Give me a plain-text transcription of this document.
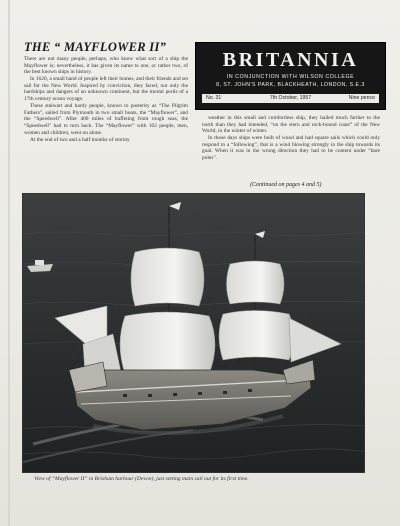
THE “ MAYFLOWER II”

There are not many people, perhaps, who know what sort of a ship the Mayflower is; nevertheless, it has given its name to one, or rather two, of the best known ships in history.

In 1620, a small band of people left their homes, and their friends and set sail for the New World. Inspired by conviction, they faced, not only the hardships and dangers of an unknown continent, but the mortal perils of a 17th century ocean voyage.

These stalwart and hardy people, known to posterity as “The Pilgrim Fathers”, sailed from Plymouth in two small boats, the “Mayflower”, and the “Speedwell”. After 400 miles of buffeting from rough seas, the “Speedwell” had to turn back. The “Mayflower” with 102 people, men, women and children, went on alone.

At the end of two and a half months of stormy

BRITANNIA
IN CONJUNCTION WITH WILSON COLLEGE
8, ST. JOHN'S PARK, BLACKHEATH, LONDON, S.E.3
No. 31	7th October, 1957	Nine pence

weather in this small and comfortless ship, they hailed much farther to the north than they had intended, “on the stern and rock-bound coast” of the New World, in the winter of winter.

In those days ships were built of wood and had square sails which could only respond to a “following”, that is a wind blowing strongly in the ship towards its goal. When it was in the wrong direction they had to be content under “bare poles”.

(Continued on pages 4 and 5)
View of “Mayflower II” in Brixham harbour (Devon), just setting main sail out for its first time.
